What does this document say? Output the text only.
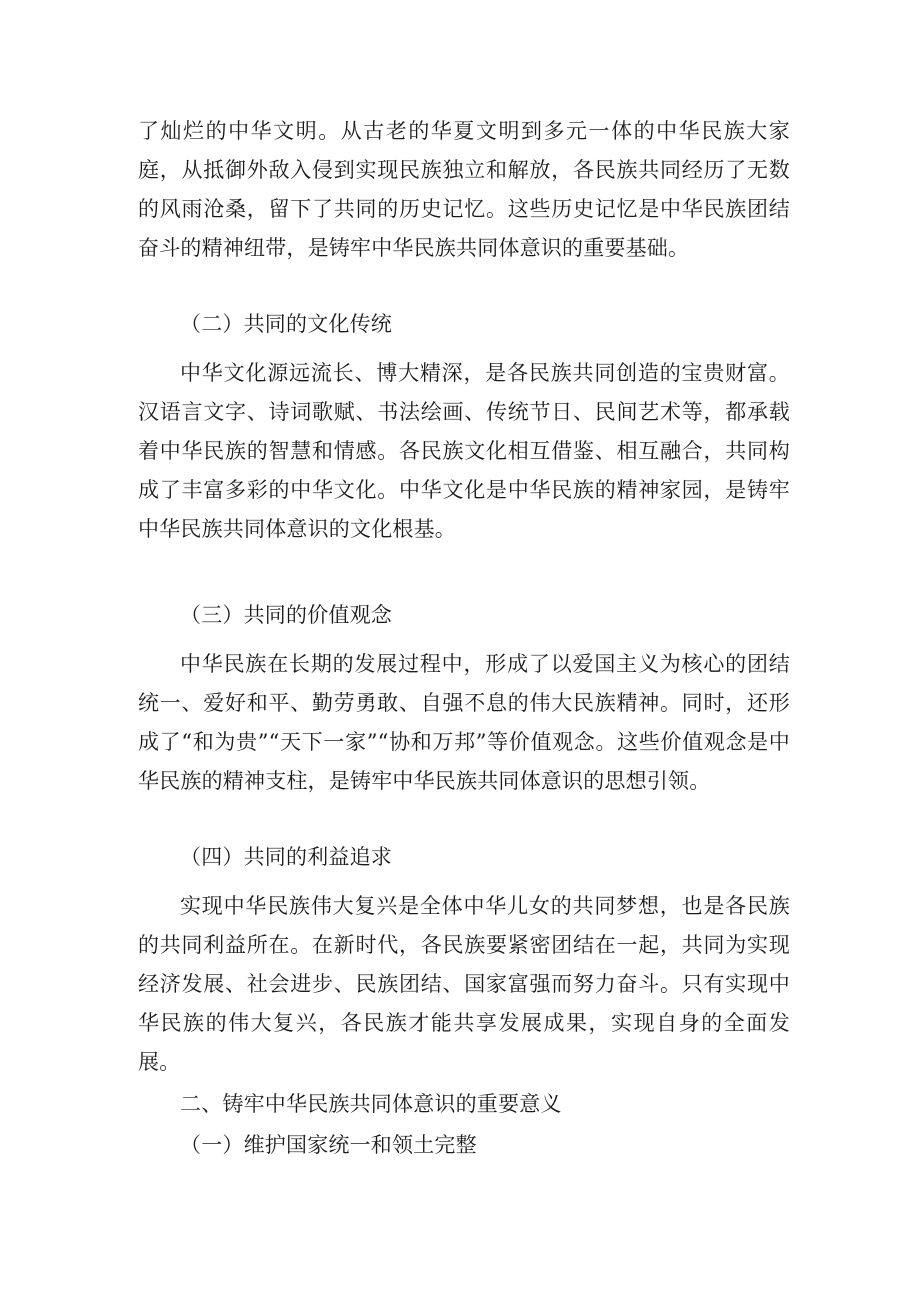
了灿烂的中华文明。从古老的华夏文明到多元一体的中华民族大家庭，从抵御外敌入侵到实现民族独立和解放，各民族共同经历了无数的风雨沧桑，留下了共同的历史记忆。这些历史记忆是中华民族团结奋斗的精神纽带，是铸牢中华民族共同体意识的重要基础。

（二）共同的文化传统

中华文化源远流长、博大精深，是各民族共同创造的宝贵财富。汉语言文字、诗词歌赋、书法绘画、传统节日、民间艺术等，都承载着中华民族的智慧和情感。各民族文化相互借鉴、相互融合，共同构成了丰富多彩的中华文化。中华文化是中华民族的精神家园，是铸牢中华民族共同体意识的文化根基。

（三）共同的价值观念

中华民族在长期的发展过程中，形成了以爱国主义为核心的团结统一、爱好和平、勤劳勇敢、自强不息的伟大民族精神。同时，还形成了“和为贵”“天下一家”“协和万邦”等价值观念。这些价值观念是中华民族的精神支柱，是铸牢中华民族共同体意识的思想引领。

（四）共同的利益追求

实现中华民族伟大复兴是全体中华儿女的共同梦想，也是各民族的共同利益所在。在新时代，各民族要紧密团结在一起，共同为实现经济发展、社会进步、民族团结、国家富强而努力奋斗。只有实现中华民族的伟大复兴，各民族才能共享发展成果，实现自身的全面发展。

二、铸牢中华民族共同体意识的重要意义

（一）维护国家统一和领土完整
